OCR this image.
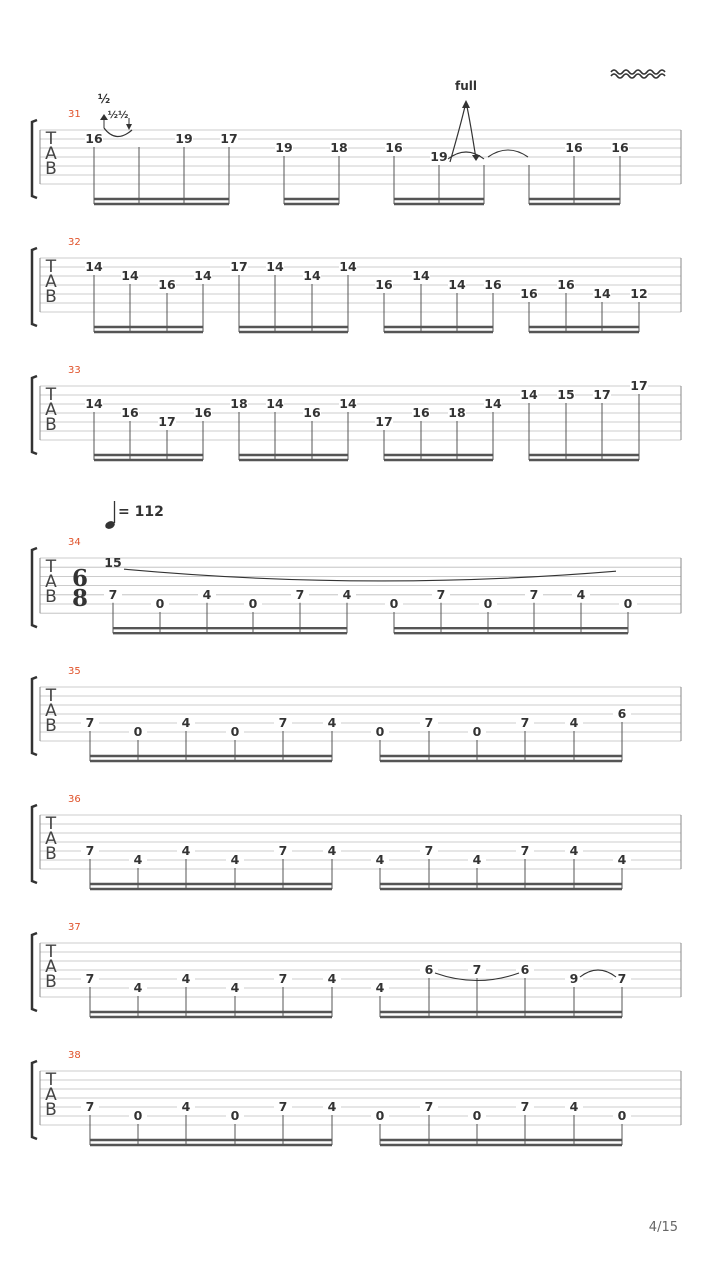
T
A
B
31
16	19 17
19	18	16
19
16 16
½
½½
full
T
A
B
32
14
14
16
14
17 14
14
14
16
14
14 16
16
16
14 12
T
A
B
33
14
16
17
16
18 14
16
14
17
16 18
14
14 15 17
17
T
A
B
34
7
0
4
0
7	4
0
7
0
7	4
0
= 112
6
8
15
T
A
B
35
7
0
4
0
7	4
0
7
0
7	4
6
T
A
B
36
7
4
4
4
7	4
4
7
4
7	4
4
T
A
B
37
7
4
4
4
7	4
4
6	7	6
9	7
T
A
B
38
7
0
4
0
7	4
0
7
0
7	4
0
4/15
